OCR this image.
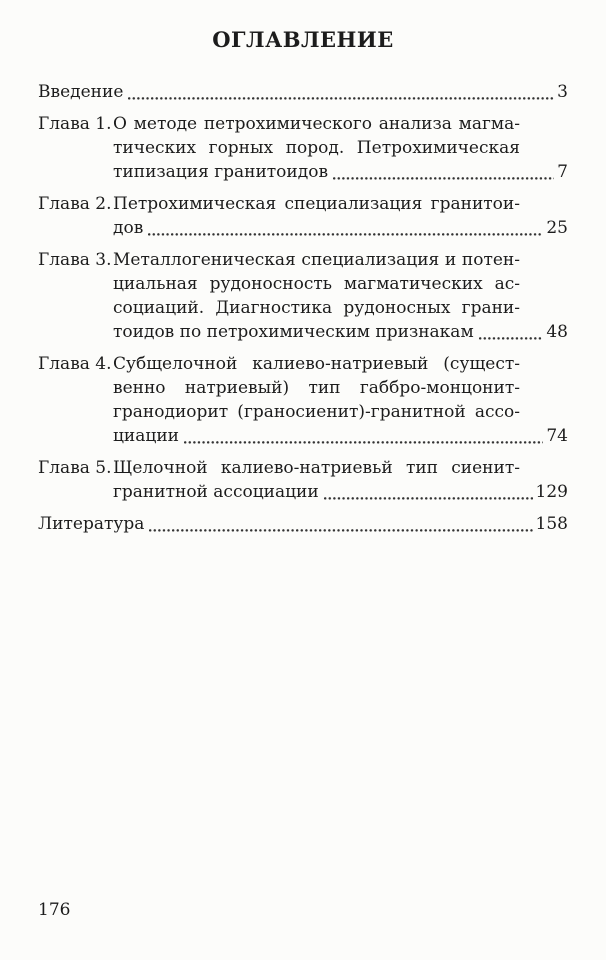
ОГЛАВЛЕНИЕ
Введение	3
Глава 1. О методе петрохимического анализа магма-
тических горных пород. Петрохимическая
типизация гранитоидов	7
Глава 2. Петрохимическая специализация гранитои-
дов	25
Глава 3. Металлогеническая специализация и потен-
циальная рудоносность магматических ас-
социаций. Диагностика рудоносных грани-
тоидов по петрохимическим признакам	48
Глава 4. Субщелочной калиево-натриевый (сущест-
венно натриевый) тип габбро-монцонит-
гранодиорит (граносиенит)-гранитной ассо-
циации	74
Глава 5. Щелочной калиево-натриевьй тип сиенит-
гранитной ассоциации	129
Литература	158
176
